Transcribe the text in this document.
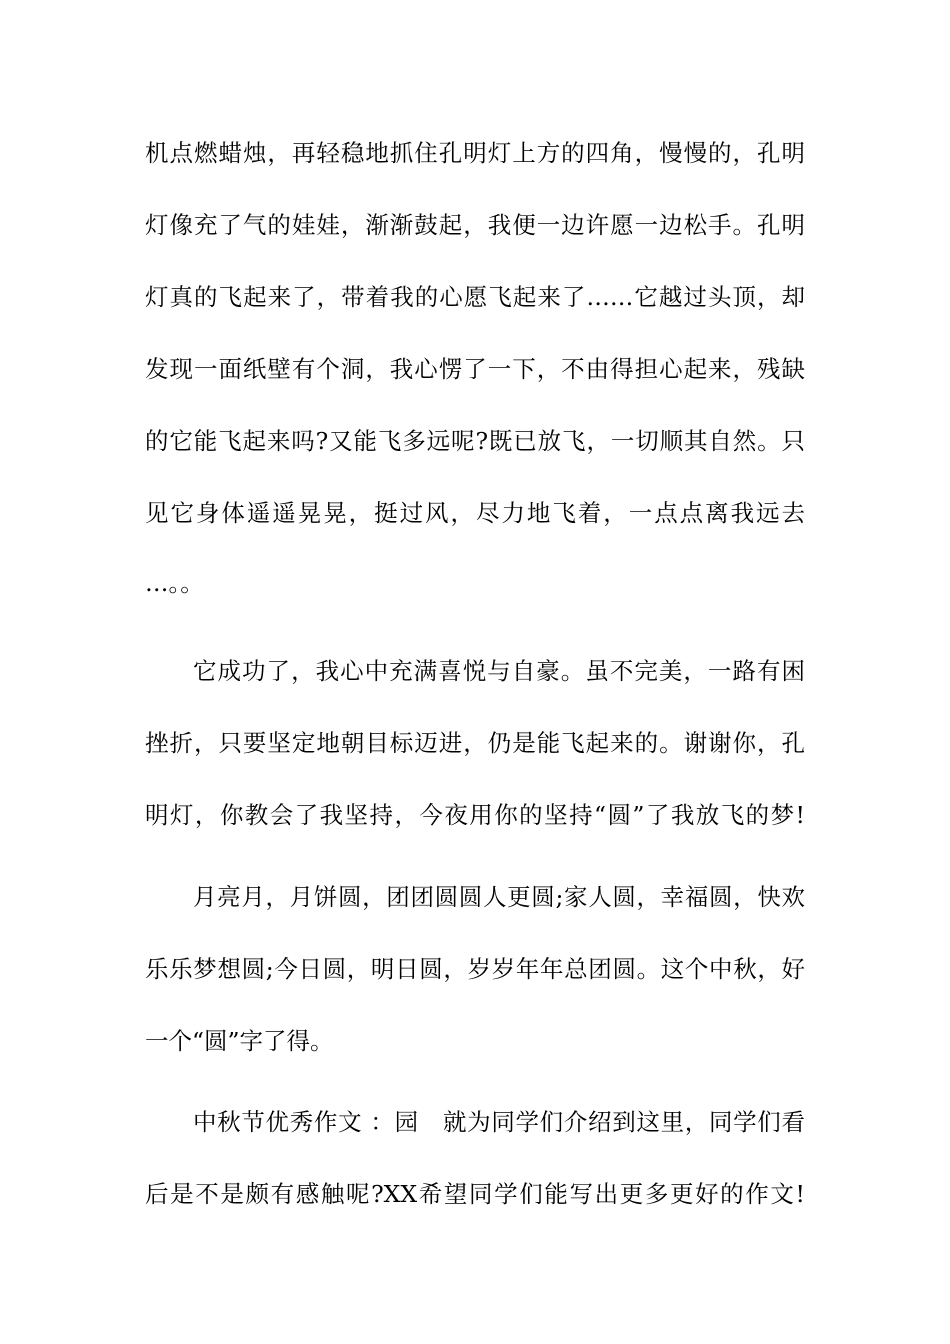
机点燃蜡烛，再轻稳地抓住孔明灯上方的四角，慢慢的，孔明
灯像充了气的娃娃，渐渐鼓起，我便一边许愿一边松手。孔明
灯真的飞起来了，带着我的心愿飞起来了……它越过头顶，却
发现一面纸壁有个洞，我心愣了一下，不由得担心起来，残缺
的它能飞起来吗?又能飞多远呢?既已放飞，一切顺其自然。只
见它身体遥遥晃晃，挺过风，尽力地飞着，一点点离我远去
…。。
它成功了，我心中充满喜悦与自豪。虽不完美，一路有困
挫折，只要坚定地朝目标迈进，仍是能飞起来的。谢谢你，孔
明灯，你教会了我坚持，今夜用你的坚持“圆”了我放飞的梦!
月亮月，月饼圆，团团圆圆人更圆;家人圆，幸福圆，快欢
乐乐梦想圆;今日圆，明日圆，岁岁年年总团圆。这个中秋，好
一个“圆”字了得。
中秋节优秀作文 ：园　就为同学们介绍到这里，同学们看
后是不是颇有感触呢?XX希望同学们能写出更多更好的作文!
